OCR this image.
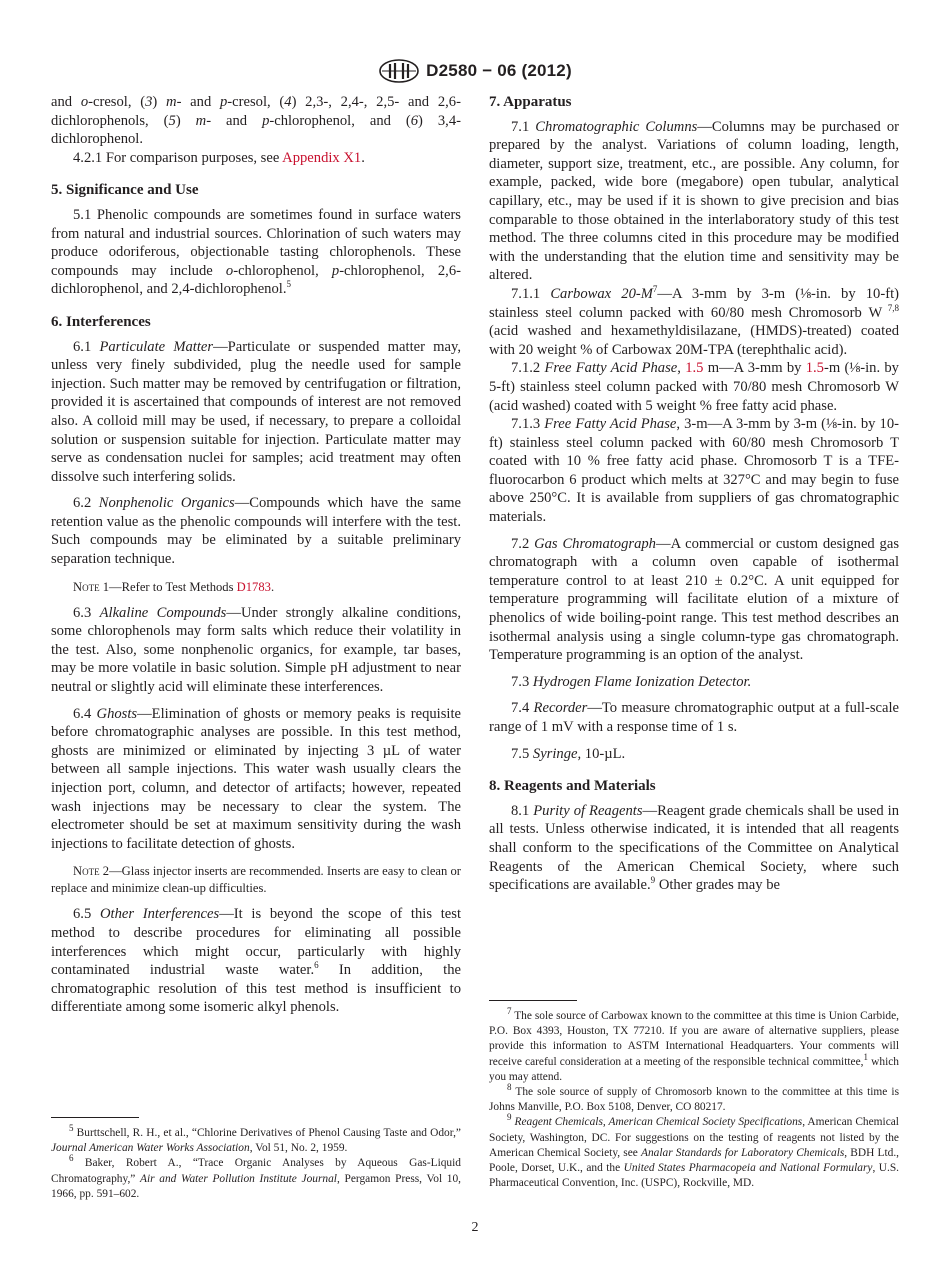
D2580 − 06 (2012)

and o-cresol, (3) m- and p-cresol, (4) 2,3-, 2,4-, 2,5- and 2,6-dichlorophenols, (5) m- and p-chlorophenol, and (6) 3,4-dichlorophenol.

4.2.1 For comparison purposes, see Appendix X1.

5. Significance and Use

5.1 Phenolic compounds are sometimes found in surface waters from natural and industrial sources. Chlorination of such waters may produce odoriferous, objectionable tasting chlorophenols. These compounds may include o-chlorophenol, p-chlorophenol, 2,6-dichlorophenol, and 2,4-dichlorophenol.$^5$

6. Interferences

6.1 Particulate Matter—Particulate or suspended matter may, unless very finely subdivided, plug the needle used for sample injection. Such matter may be removed by centrifugation or filtration, provided it is ascertained that compounds of interest are not removed also. A colloid mill may be used, if necessary, to prepare a colloidal solution or suspension suitable for injection. Particulate matter may serve as condensation nuclei for samples; acid treatment may often dissolve such interfering solids.

6.2 Nonphenolic Organics—Compounds which have the same retention value as the phenolic compounds will interfere with the test. Such compounds may be eliminated by a suitable preliminary separation technique.

Note 1—Refer to Test Methods D1783.

6.3 Alkaline Compounds—Under strongly alkaline conditions, some chlorophenols may form salts which reduce their volatility in the test. Also, some nonphenolic organics, for example, tar bases, may be more volatile in basic solution. Simple pH adjustment to near neutral or slightly acid will eliminate these interferences.

6.4 Ghosts—Elimination of ghosts or memory peaks is requisite before chromatographic analyses are possible. In this test method, ghosts are minimized or eliminated by injecting 3 µL of water between all sample injections. This water wash usually clears the injection port, column, and detector of artifacts; however, repeated wash injections may be necessary to clear the system. The electrometer should be set at maximum sensitivity during the wash injections to facilitate detection of ghosts.

Note 2—Glass injector inserts are recommended. Inserts are easy to clean or replace and minimize clean-up difficulties.

6.5 Other Interferences—It is beyond the scope of this test method to describe procedures for eliminating all possible interferences which might occur, particularly with highly contaminated industrial waste water.$^6$ In addition, the chromatographic resolution of this test method is insufficient to differentiate among some isomeric alkyl phenols.

7. Apparatus

7.1 Chromatographic Columns—Columns may be purchased or prepared by the analyst. Variations of column loading, length, diameter, support size, treatment, etc., are possible. Any column, for example, packed, wide bore (megabore) open tubular, analytical capillary, etc., may be used if it is shown to give precision and bias comparable to those obtained in the interlaboratory study of this test method. The three columns cited in this procedure may be modified with the understanding that the elution time and sensitivity may be altered.

7.1.1 Carbowax $20-M^7—A$ 3-mm by 3-m (⅛-in. by 10-ft) stainless steel column packed with 60/80 mesh Chromosorb W $^{7,8}$ (acid washed and hexamethyldisilazane, (HMDS)-treated) coated with 20 weight % of Carbowax 20M-TPA (terephthalic acid).

7.1.2 Free Fatty Acid Phase, 1.5 m—A 3-mm by 1.5-m (⅛-in. by 5-ft) stainless steel column packed with 70/80 mesh Chromosorb W (acid washed) coated with 5 weight % free fatty acid phase.

7.1.3 Free Fatty Acid Phase, 3-m—A 3-mm by 3-m (⅛-in. by 10-ft) stainless steel column packed with 60/80 mesh Chromosorb T coated with 10 % free fatty acid phase. Chromosorb T is a TFE-fluorocarbon 6 product which melts at 327°C and may begin to fuse above 250°C. It is available from suppliers of gas chromatographic materials.

7.2 Gas Chromatograph—A commercial or custom designed gas chromatograph with a column oven capable of isothermal temperature control to at least 210 ± 0.2°C. A unit equipped for temperature programming will facilitate elution of a mixture of phenolics of wide boiling-point range. This test method describes an isothermal analysis using a single column-type gas chromatograph. Temperature programming is an option of the analyst.

7.3 Hydrogen Flame Ionization Detector.

7.4 Recorder—To measure chromatographic output at a full-scale range of 1 mV with a response time of 1 s.

7.5 Syringe, 10-µL.

8. Reagents and Materials

8.1 Purity of Reagents—Reagent grade chemicals shall be used in all tests. Unless otherwise indicated, it is intended that all reagents shall conform to the specifications of the Committee on Analytical Reagents of the American Chemical Society, where such specifications are available.$^9$ Other grades may be

$^5$ Burttschell, R. H., et al., “Chlorine Derivatives of Phenol Causing Taste and Odor,” Journal American Water Works Association, Vol 51, No. 2, 1959.

$^6$ Baker, Robert A., “Trace Organic Analyses by Aqueous Gas-Liquid Chromatography,” Air and Water Pollution Institute Journal, Pergamon Press, Vol 10, 1966, pp. 591–602.

$^7$ The sole source of Carbowax known to the committee at this time is Union Carbide, P.O. Box 4393, Houston, TX 77210. If you are aware of alternative suppliers, please provide this information to ASTM International Headquarters. Your comments will receive careful consideration at a meeting of the responsible technical committee,$^1$ which you may attend.

$^8$ The sole source of supply of Chromosorb known to the committee at this time is Johns Manville, P.O. Box 5108, Denver, CO 80217.

$^9$ Reagent Chemicals, American Chemical Society Specifications, American Chemical Society, Washington, DC. For suggestions on the testing of reagents not listed by the American Chemical Society, see Analar Standards for Laboratory Chemicals, BDH Ltd., Poole, Dorset, U.K., and the United States Pharmacopeia and National Formulary, U.S. Pharmaceutical Convention, Inc. (USPC), Rockville, MD.

2
